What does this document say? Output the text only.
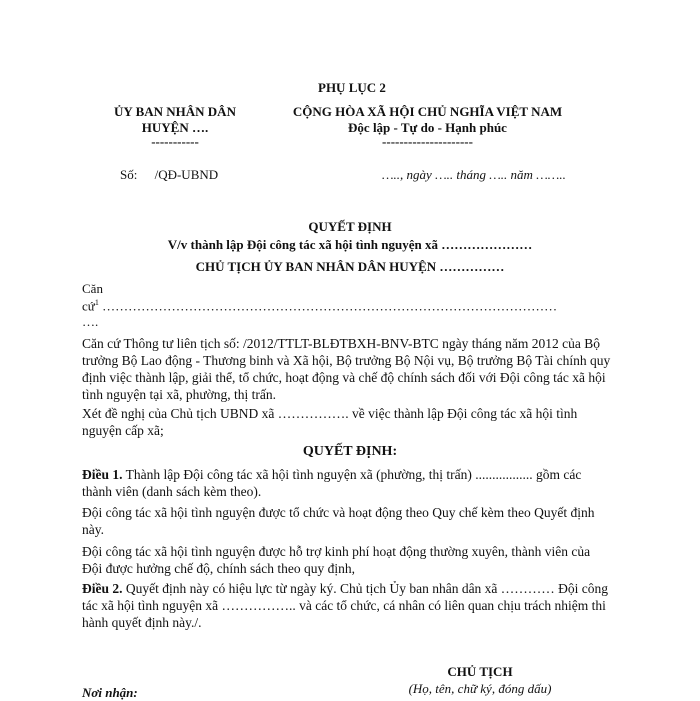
PHỤ LỤC 2
ỦY BAN NHÂN DÂN
HUYỆN ….
-----------
CỘNG HÒA XÃ HỘI CHỦ NGHĨA VIỆT NAM
Độc lập - Tự do - Hạnh phúc
---------------------
Số: /QĐ-UBND	….., ngày ….. tháng ….. năm ……..
QUYẾT ĐỊNH
V/v thành lập Đội công tác xã hội tình nguyện xã …………………
CHỦ TỊCH ỦY BAN NHÂN DÂN HUYỆN ……………
Căn
cứ$^1$ ……………………………………………………………………………………………
….
Căn cứ Thông tư liên tịch số: /2012/TTLT-BLĐTBXH-BNV-BTC ngày tháng năm 2012 của Bộ trưởng Bộ Lao động - Thương binh và Xã hội, Bộ trưởng Bộ Nội vụ, Bộ trưởng Bộ Tài chính quy định việc thành lập, giải thể, tổ chức, hoạt động và chế độ chính sách đối với Đội công tác xã hội tình nguyện tại xã, phường, thị trấn.
Xét đề nghị của Chủ tịch UBND xã ……………. về việc thành lập Đội công tác xã hội tình nguyện cấp xã;
QUYẾT ĐỊNH:
Điều 1. Thành lập Đội công tác xã hội tình nguyện xã (phường, thị trấn) ................. gồm các thành viên (danh sách kèm theo).
Đội công tác xã hội tình nguyện được tổ chức và hoạt động theo Quy chế kèm theo Quyết định này.
Đội công tác xã hội tình nguyện được hỗ trợ kinh phí hoạt động thường xuyên, thành viên của Đội được hưởng chế độ, chính sách theo quy định,
Điều 2. Quyết định này có hiệu lực từ ngày ký. Chủ tịch Ủy ban nhân dân xã ………… Đội công tác xã hội tình nguyện xã …………….. và các tổ chức, cá nhân có liên quan chịu trách nhiệm thi hành quyết định này./.
CHỦ TỊCH
(Họ, tên, chữ ký, đóng dấu)
Nơi nhận:
